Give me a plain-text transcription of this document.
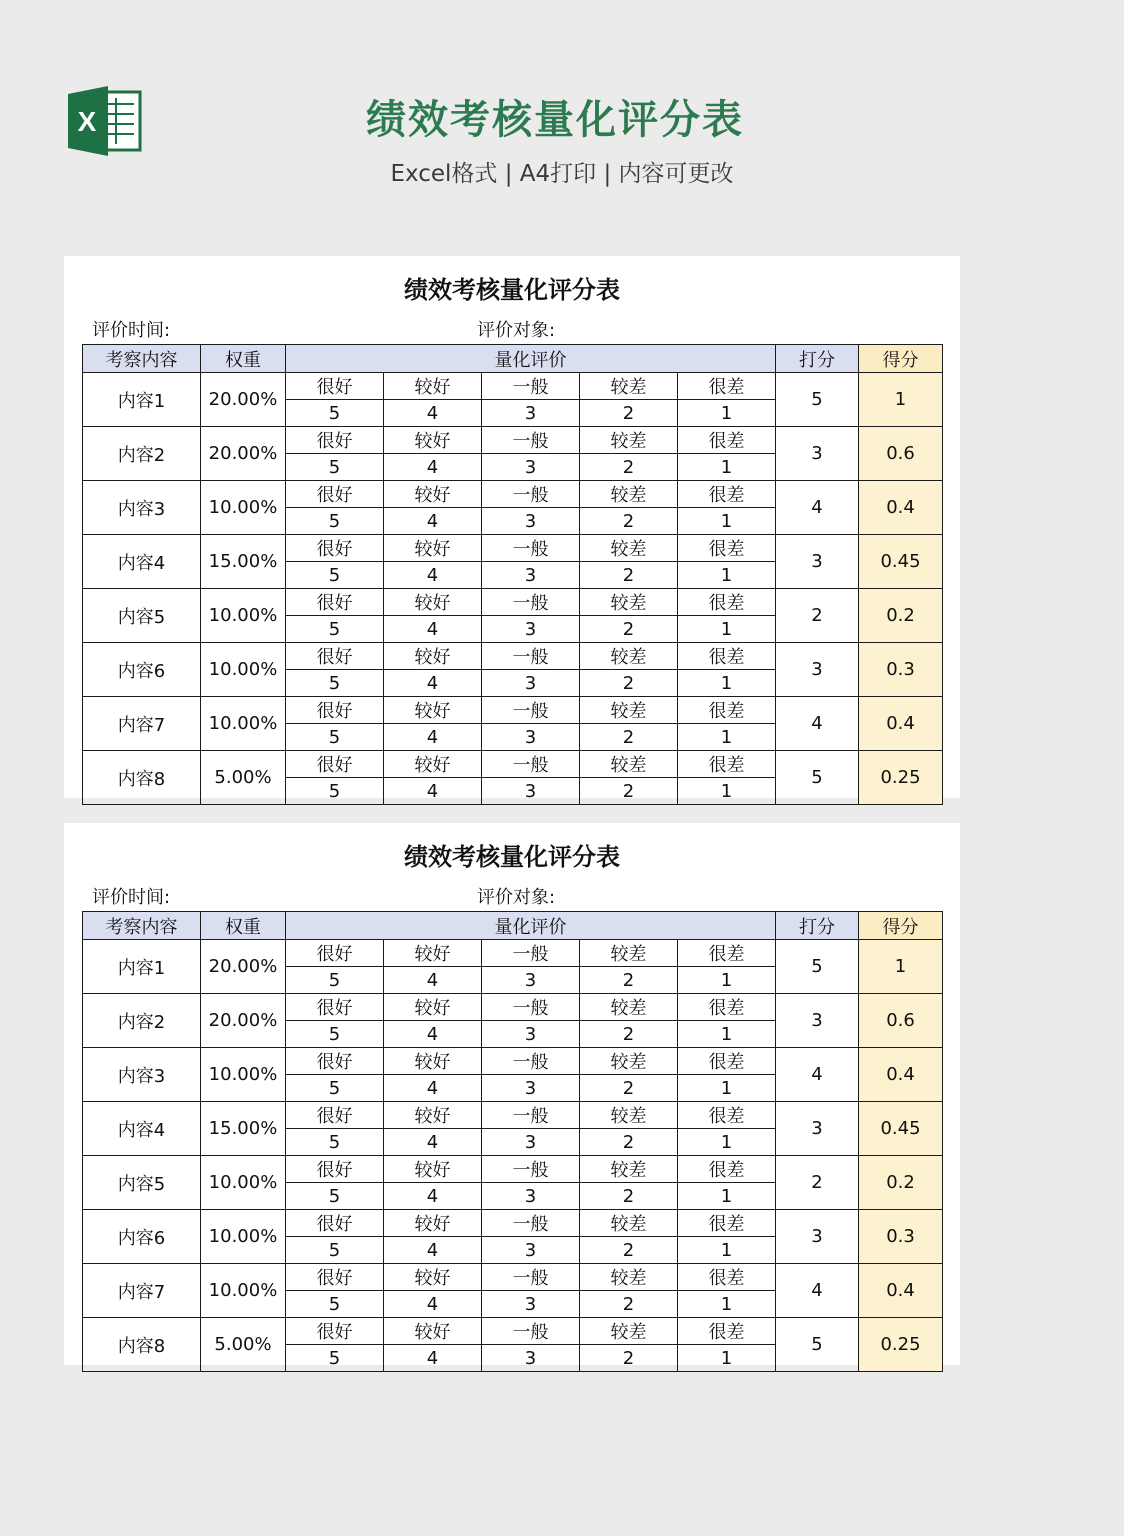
X	绩效考核量化评分表
Excel格式 | A4打印 | 内容可更改
绩效考核量化评分表
评价时间:	评价对象:
考察内容	权重	量化评价					打分	得分
内容1	20.00%	很好	较好	一般	较差	很差	5	1
		5	4	3	2	1		
内容2	20.00%	很好	较好	一般	较差	很差	3	0.6
		5	4	3	2	1		
内容3	10.00%	很好	较好	一般	较差	很差	4	0.4
		5	4	3	2	1		
内容4	15.00%	很好	较好	一般	较差	很差	3	0.45
		5	4	3	2	1		
内容5	10.00%	很好	较好	一般	较差	很差	2	0.2
		5	4	3	2	1		
内容6	10.00%	很好	较好	一般	较差	很差	3	0.3
		5	4	3	2	1		
内容7	10.00%	很好	较好	一般	较差	很差	4	0.4
		5	4	3	2	1		
内容8	5.00%	很好	较好	一般	较差	很差	5	0.25
		5	4	3	2	1		
绩效考核量化评分表
评价时间:	评价对象:
考察内容	权重	量化评价					打分	得分
内容1	20.00%	很好	较好	一般	较差	很差	5	1
		5	4	3	2	1		
内容2	20.00%	很好	较好	一般	较差	很差	3	0.6
		5	4	3	2	1		
内容3	10.00%	很好	较好	一般	较差	很差	4	0.4
		5	4	3	2	1		
内容4	15.00%	很好	较好	一般	较差	很差	3	0.45
		5	4	3	2	1		
内容5	10.00%	很好	较好	一般	较差	很差	2	0.2
		5	4	3	2	1		
内容6	10.00%	很好	较好	一般	较差	很差	3	0.3
		5	4	3	2	1		
内容7	10.00%	很好	较好	一般	较差	很差	4	0.4
		5	4	3	2	1		
内容8	5.00%	很好	较好	一般	较差	很差	5	0.25
		5	4	3	2	1		
